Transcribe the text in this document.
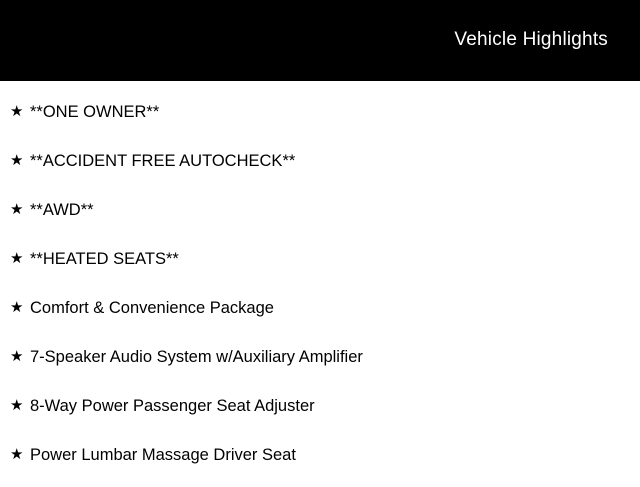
Vehicle Highlights
★ **ONE OWNER**
★ **ACCIDENT FREE AUTOCHECK**
★ **AWD**
★ **HEATED SEATS**
★ Comfort & Convenience Package
★ 7-Speaker Audio System w/Auxiliary Amplifier
★ 8-Way Power Passenger Seat Adjuster
★ Power Lumbar Massage Driver Seat
